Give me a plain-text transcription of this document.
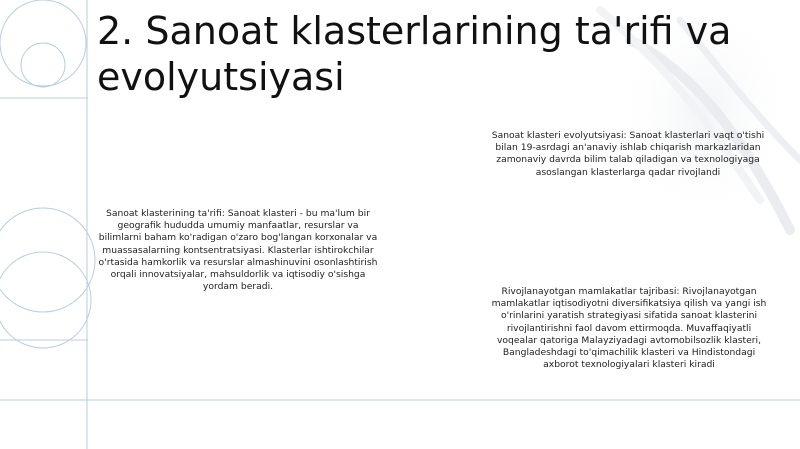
2. Sanoat klasterlarining ta'rifi va evolyutsiyasi
Sanoat klasterining ta'rifi: Sanoat klasteri - bu ma'lum bir geografik hududda umumiy manfaatlar, resurslar va bilimlarni baham ko'radigan o'zaro bog'langan korxonalar va muassasalarning kontsentratsiyasi. Klasterlar ishtirokchilar o'rtasida hamkorlik va resurslar almashinuvini osonlashtirish orqali innovatsiyalar, mahsuldorlik va iqtisodiy o'sishga yordam beradi.
Sanoat klasteri evolyutsiyasi: Sanoat klasterlari vaqt o'tishi bilan 19-asrdagi an'anaviy ishlab chiqarish markazlaridan zamonaviy davrda bilim talab qiladigan va texnologiyaga asoslangan klasterlarga qadar rivojlandi
Rivojlanayotgan mamlakatlar tajribasi: Rivojlanayotgan mamlakatlar iqtisodiyotni diversifikatsiya qilish va yangi ish o'rinlarini yaratish strategiyasi sifatida sanoat klasterini rivojlantirishni faol davom ettirmoqda. Muvaffaqiyatli voqealar qatoriga Malayziyadagi avtomobilsozlik klasteri, Bangladeshdagi to'qimachilik klasteri va Hindistondagi axborot texnologiyalari klasteri kiradi
